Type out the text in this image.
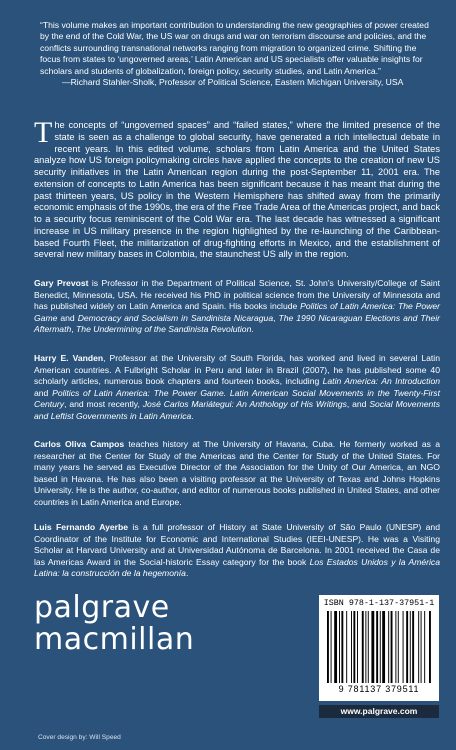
“This volume makes an important contribution to understanding the new geographies of power created by the end of the Cold War, the US war on drugs and war on terrorism discourse and policies, and the conflicts surrounding transnational networks ranging from migration to organized crime. Shifting the focus from states to ‘ungoverned areas,’ Latin American and US specialists offer valuable insights for scholars and students of globalization, foreign policy, security studies, and Latin America.”
—Richard Stahler-Sholk, Professor of Political Science, Eastern Michigan University, USA
The concepts of “ungoverned spaces” and “failed states,” where the limited presence of the state is seen as a challenge to global security, have generated a rich intellectual debate in recent years. In this edited volume, scholars from Latin America and the United States analyze how US foreign policymaking circles have applied the concepts to the creation of new US security initiatives in the Latin American region during the post-September 11, 2001 era. The extension of concepts to Latin America has been significant because it has meant that during the past thirteen years, US policy in the Western Hemisphere has shifted away from the primarily economic emphasis of the 1990s, the era of the Free Trade Area of the Americas project, and back to a security focus reminiscent of the Cold War era. The last decade has witnessed a significant increase in US military presence in the region highlighted by the re-launching of the Caribbean-based Fourth Fleet, the militarization of drug-fighting efforts in Mexico, and the establishment of several new military bases in Colombia, the staunchest US ally in the region.
Gary Prevost is Professor in the Department of Political Science, St. John’s University/College of Saint Benedict, Minnesota, USA. He received his PhD in political science from the University of Minnesota and has published widely on Latin America and Spain. His books include Politics of Latin America: The Power Game and Democracy and Socialism in Sandinista Nicaragua, The 1990 Nicaraguan Elections and Their Aftermath, The Undermining of the Sandinista Revolution.
Harry E. Vanden, Professor at the University of South Florida, has worked and lived in several Latin American countries. A Fulbright Scholar in Peru and later in Brazil (2007), he has published some 40 scholarly articles, numerous book chapters and fourteen books, including Latin America: An Introduction and Politics of Latin America: The Power Game. Latin American Social Movements in the Twenty-First Century, and most recently, José Carlos Mariátegui: An Anthology of His Writings, and Social Movements and Leftist Governments in Latin America.
Carlos Oliva Campos teaches history at The University of Havana, Cuba. He formerly worked as a researcher at the Center for Study of the Americas and the Center for Study of the United States. For many years he served as Executive Director of the Association for the Unity of Our America, an NGO based in Havana. He has also been a visiting professor at the University of Texas and Johns Hopkins University. He is the author, co-author, and editor of numerous books published in United States, and other countries in Latin America and Europe.
Luis Fernando Ayerbe is a full professor of History at State University of São Paulo (UNESP) and Coordinator of the Institute for Economic and International Studies (IEEI-UNESP). He was a Visiting Scholar at Harvard University and at Universidad Autónoma de Barcelona. In 2001 received the Casa de las Americas Award in the Social-historic Essay category for the book Los Estados Unidos y la América Latina: la construcción de la hegemonía.
palgrave
macmillan
ISBN 978-1-137-37951-1
9 781137 379511
www.palgrave.com
Cover design by: Will Speed
